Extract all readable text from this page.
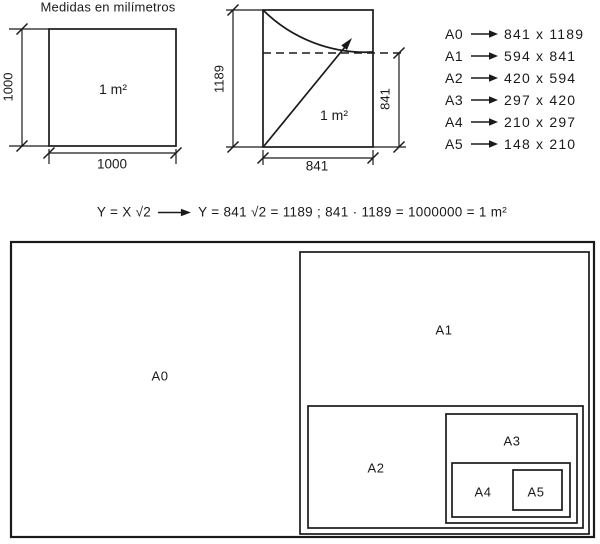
Medidas en milímetros
1 m²
1000
1000
1189
841
841
1 m²
A0	841 x 1189
A1	594 x 841
A2	420 x 594
A3	297 x 420
A4	210 x 297
A5	148 x 210
Y = X √2	Y = 841 √2 = 1189 ; 841 · 1189 = 1000000 = 1 m²
A0
A1
A2
A3
A4	A5
